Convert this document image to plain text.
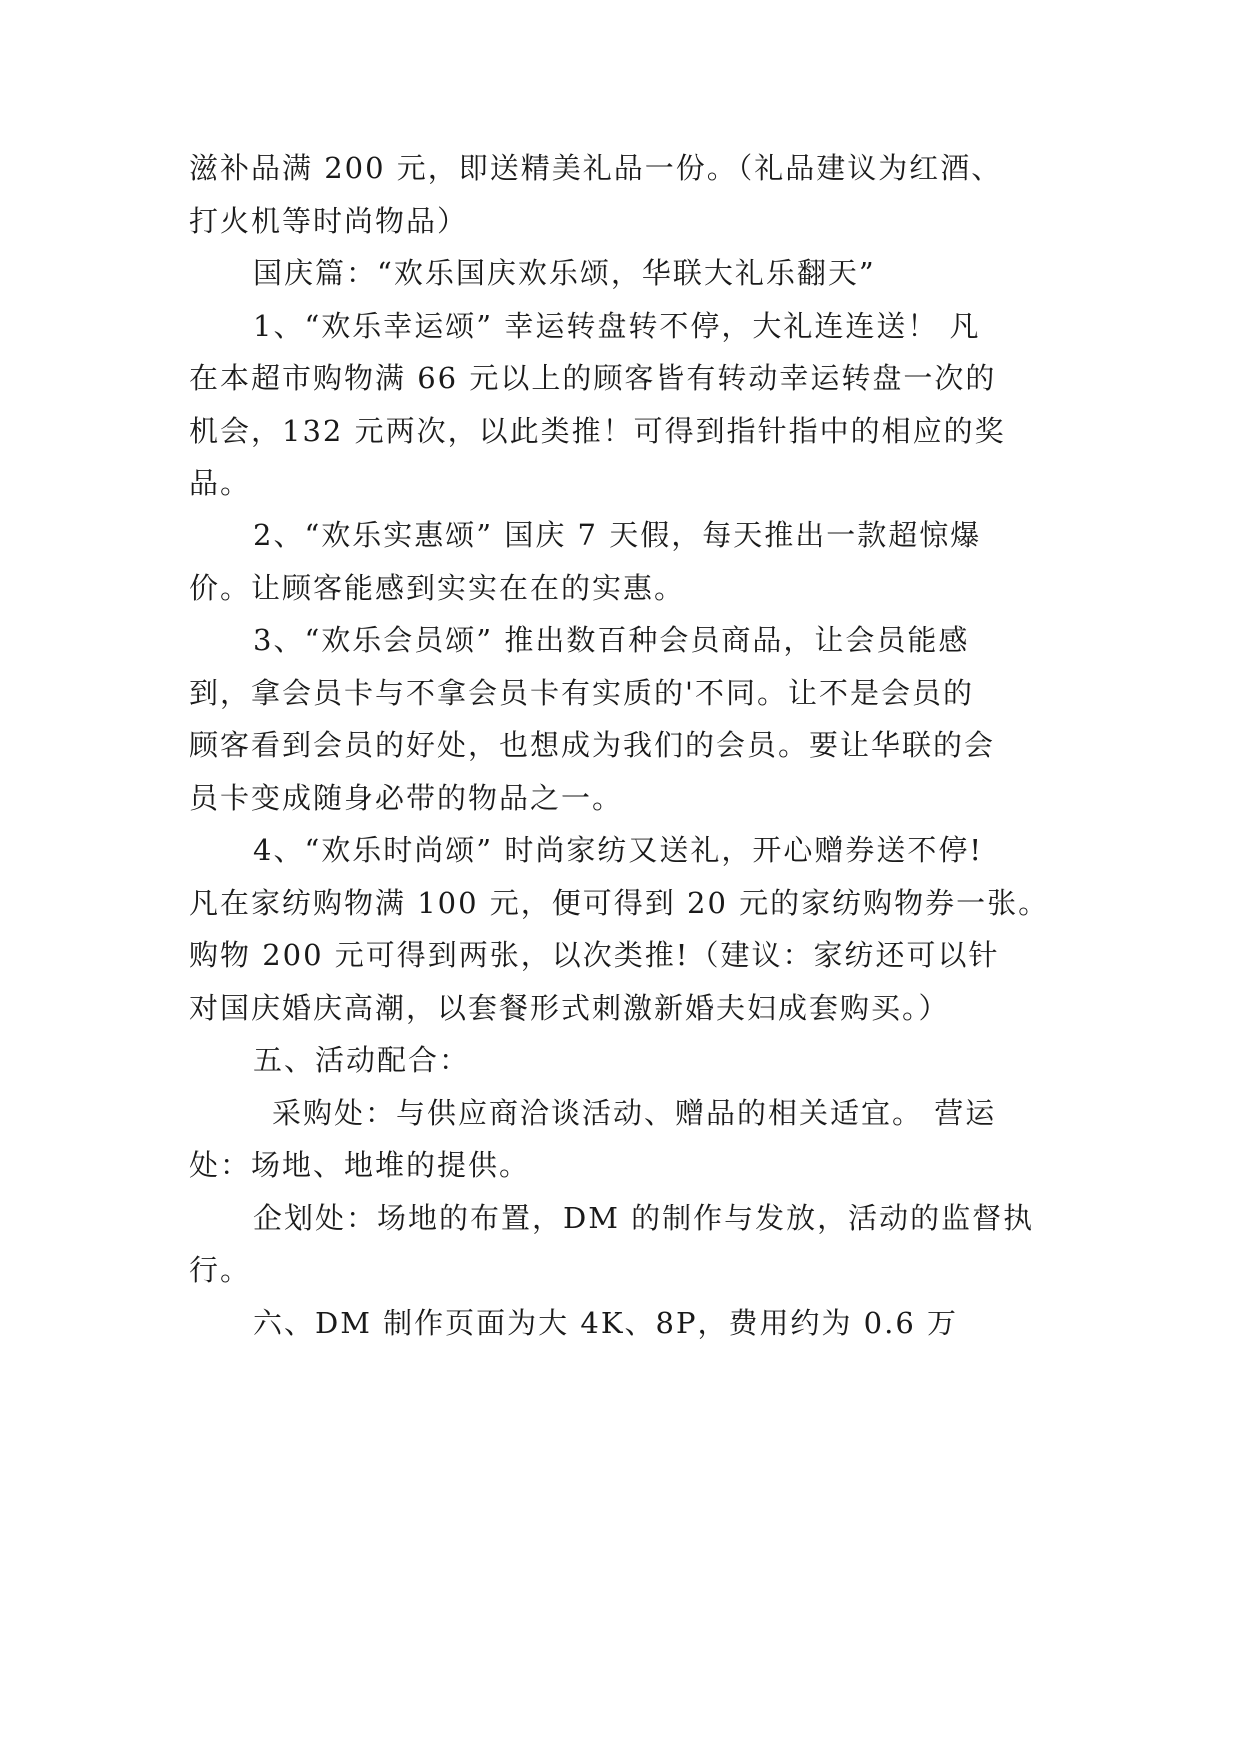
滋补品满 200 元，即送精美礼品一份。（礼品建议为红酒、
打火机等时尚物品）
国庆篇：“欢乐国庆欢乐颂，华联大礼乐翻天”
1、“欢乐幸运颂” 幸运转盘转不停，大礼连连送！ 凡
在本超市购物满 66 元以上的顾客皆有转动幸运转盘一次的
机会，132 元两次，以此类推！可得到指针指中的相应的奖
品。
2、“欢乐实惠颂” 国庆 7 天假，每天推出一款超惊爆
价。让顾客能感到实实在在的实惠。
3、“欢乐会员颂” 推出数百种会员商品，让会员能感
到，拿会员卡与不拿会员卡有实质的'不同。让不是会员的
顾客看到会员的好处，也想成为我们的会员。要让华联的会
员卡变成随身必带的物品之一。
4、“欢乐时尚颂” 时尚家纺又送礼，开心赠券送不停!
凡在家纺购物满 100 元，便可得到 20 元的家纺购物券一张。
购物 200 元可得到两张，以次类推!（建议：家纺还可以针
对国庆婚庆高潮，以套餐形式刺激新婚夫妇成套购买。）
五、活动配合：
采购处：与供应商洽谈活动、赠品的相关适宜。 营运
处：场地、地堆的提供。
企划处：场地的布置，DM 的制作与发放，活动的监督执
行。
六、DM 制作页面为大 4K、8P，费用约为 0.6 万
